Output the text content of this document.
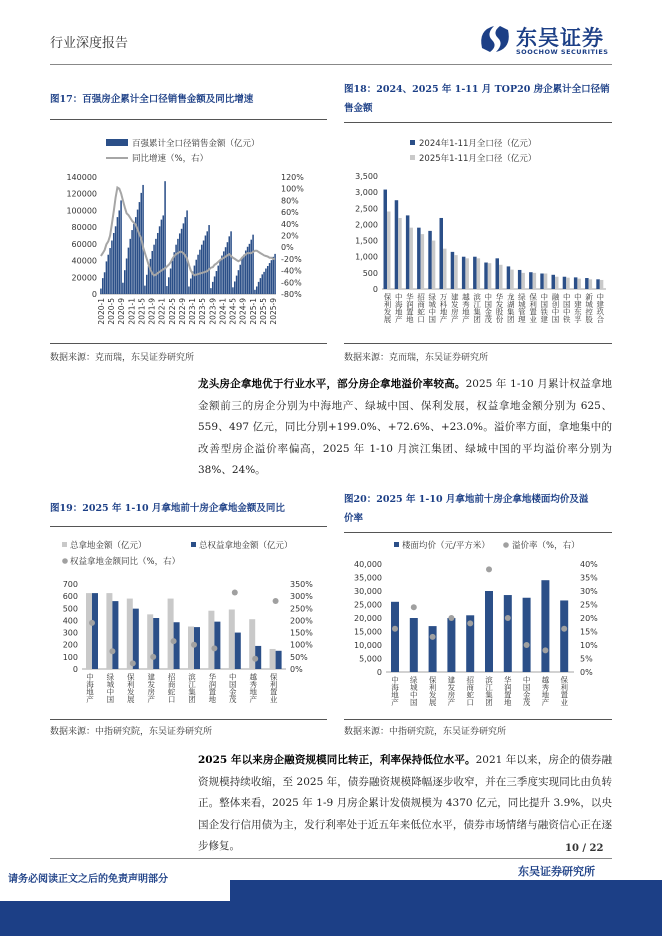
行业深度报告	东吴证券
SOOCHOW SECURITIES
图17：百强房企累计全口径销售金额及同比增速
百强累计全口径销售金额（亿元）
同比增速（%，右）
140000
120000
100000
80000
60000
40000
20000
0
120%
100%
80%
60%
40%
20%
0%
-20%
-40%
-60%
-80%
2020-1 2020-5 2020-9 2021-1 2021-5 2021-9 2022-1 2022-5 2022-9 2023-1 2023-5 2023-9 2024-1 2024-5 2024-9 2025-1 2025-5 2025-9
数据来源：克而瑞，东吴证券研究所
图18：2024、2025 年 1-11 月 TOP20 房企累计全口径销
售金额
2024年1-11月全口径（亿元）
2025年1-11月全口径（亿元）
3,500
3,000
2,500
2,000
1,500
1,000
500
0
保利发展 中海地产 华润置地 招商蛇口 绿城中国 万科地产 建发房产 越秀地产 滨江集团 中国金茂 华发股份 龙湖集团 绿城管理 保利置业 中国铁建 融创中国 中国中铁 中建东孚 新城控股 中建玖合
数据来源：克而瑞，东吴证券研究所
龙头房企拿地优于行业水平，部分房企拿地溢价率较高。2025 年 1-10 月累计权益拿地金额前三的房企分别为中海地产、绿城中国、保利发展，权益拿地金额分别为 625、559、497 亿元，同比分别+199.0%、+72.6%、+23.0%。溢价率方面，拿地集中的改善型房企溢价率偏高，2025 年 1-10 月滨江集团、绿城中国的平均溢价率分别为 38%、24%。
图19：2025 年 1-10 月拿地前十房企拿地金额及同比
总拿地金额（亿元）	总权益拿地金额（亿元）
权益拿地金额同比（%，右）
700
600
500
400
300
200
100
0
350%
300%
250%
200%
150%
100%
50%
0%
中海地产 绿城中国 保利发展 建发房产 招商蛇口 滨江集团 华润置地 中国金茂 越秀地产 保利置业
数据来源：中指研究院，东吴证券研究所
图20：2025 年 1-10 月拿地前十房企拿地楼面均价及溢
价率
楼面均价（元/平方米）	溢价率（%，右）
40,000
35,000
30,000
25,000
20,000
15,000
10,000
5,000
0
40%
35%
30%
25%
20%
15%
10%
5%
0%
中海地产 绿城中国 保利发展 建发房产 招商蛇口 滨江集团 华润置地 中国金茂 越秀地产 保利置业
数据来源：中指研究院，东吴证券研究所
2025 年以来房企融资规模同比转正，利率保持低位水平。2021 年以来，房企的债券融资规模持续收缩，至 2025 年，债券融资规模降幅逐步收窄，并在三季度实现同比由负转正。整体来看，2025 年 1-9 月房企累计发债规模为 4370 亿元，同比提升 3.9%，以央国企发行信用债为主，发行利率处于近五年来低位水平，债券市场情绪与融资信心正在逐步修复。	10 / 22
东吴证券研究所
请务必阅读正文之后的免责声明部分
